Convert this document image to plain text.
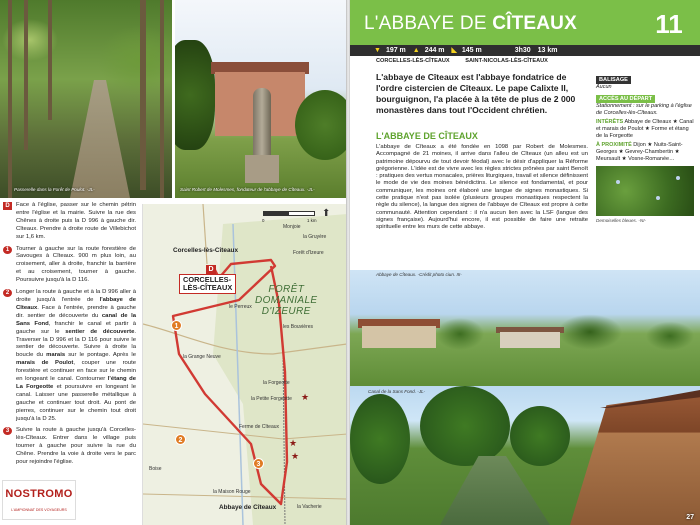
Passerelle dans la Forêt de Poulot. -JL-	Saint Robert de Molesmes, fondateur de l'abbaye de Cîteaux. -JL-
D	Face à l'église, passer sur le chemin pétrin entre l'église et la mairie. Suivre la rue des Chênes à droite puis la D 996 à gauche dir. Cîteaux. Prendre à droite route de Villebichot sur 1,6 km.
1	Tourner à gauche sur la route forestière de Savouges à Cîteaux. 900 m plus loin, au croisement, aller à droite, franchir la barrière et au croisement, tourner à gauche. Poursuivre jusqu'à la D 116.
2	Longer la route à gauche et à la D 996 aller à droite jusqu'à l'entrée de l'abbaye de Cîteaux. Face à l'entrée, prendre à gauche dir. sentier de découverte du canal de la Sans Fond, franchir le canal et partir à gauche sur le sentier de découverte. Traverser la D 996 et la D 116 pour suivre le sentier de découverte. Suivre à droite la boucle du marais sur le pontage. Après le marais de Poulot, couper une route forestière et continuer en face sur le chemin en longeant le canal. Contourner l'étang de La Forgeotte et poursuivre en longeant le canal. Laisser une passerelle métallique à gauche et continuer tout droit. Au pont de pierres, continuer sur le chemin tout droit jusqu'à la D 25.
3	Suivre la route à gauche jusqu'à Corcelles-lès-Cîteaux. Entrer dans le village puis tourner à gauche pour suivre la rue du Chêne. Prendre la voie à droite vers le parc pour rejoindre l'église.
★
★
★
0	1 km
⬆
FORÊT
DOMANIALE
D'IZEURE
D
CORCELLES-
LÈS-CÎTEAUX
Corcelles-lès-Cîteaux
Monjoie
la Gruyère
le Perreux
la Grange Neuve
la Forgeotte
la Petite Forgeotte
Ferme de Cîteaux
la Maison Rouge
la Vacherie
Abbaye de Cîteaux
les Bouvières
Boise
Forêt d'Izeure
1
2
3
NOSTROMO
L'AMPIONNAT DES VOYAGEURS
L'ABBAYE DE CÎTEAUX	11
▼ 197 m ▲ 244 m ◣ 145 m	3h30 13 km
CORCELLES-LÈS-CÎTEAUX	SAINT-NICOLAS-LÈS-CÎTEAUX
L'abbaye de Cîteaux est l'abbaye fondatrice de l'ordre cistercien de Cîteaux. Le pape Calixte II, bourguignon, l'a placée à la tête de plus de 2 000 monastères dans tout l'Occident chrétien.
L'ABBAYE DE CÎTEAUX
L'abbaye de Cîteaux a été fondée en 1098 par Robert de Molesmes. Accompagné de 21 moines, il arrive dans l'alleu de Cîteaux (un alleu est un patrimoine dépourvu de tout devoir féodal) avec le désir d'appliquer la Réforme grégorienne. L'idée est de vivre avec les règles strictes prônées par saint Benoît : pratiques des vertus monacales, prières liturgiques, travail et silence définissent le mode de vie des moines bénédictins. Le silence est fondamental, et pour communiquer, les moines ont élaboré une langue de signes monastiques. Si cette pratique n'est pas isolée (plusieurs groupes monastiques respectent la règle du silence), la langue des signes de l'abbaye de Cîteaux est propre à cette communauté. Attention cependant : il n'a aucun lien avec la LSF (langue des signes française). Aujourd'hui encore, il est possible de faire une retraite spirituelle entre les murs de cette abbaye.
BALISAGE
Aucun
ACCÈS AU DÉPART
Stationnement : sur le parking à l'église de Corcelles-lès-Cîteaux.
INTÉRÊTS Abbaye de Cîteaux ★ Canal et marais de Poulot ★ Forme et étang de la Forgeotte
À PROXIMITÉ Dijon ★ Nuits-Saint-Georges ★ Gevrey-Chambertin ★ Meursault ★ Vosne-Romanée…
Demoiselles bleues. -NI-
Abbaye de Cîteaux. -Crédit photo ciun. III-
Canal de la Sans Fond. -JL-
27
